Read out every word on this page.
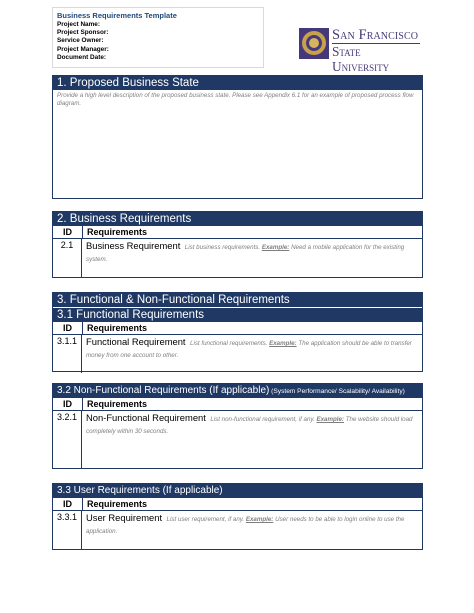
Business Requirements Template
Project Name:
Project Sponsor:
Service Owner:
Project Manager:
Document Date:
San Francisco
State University
1. Proposed Business State
Provide a high level description of the proposed business state. Please see Appendix 6.1 for an example of proposed process flow diagram.
2. Business Requirements
ID	Requirements
2.1	Business Requirement List business requirements. Example: Need a mobile application for the existing system.
3. Functional & Non-Functional Requirements
3.1 Functional Requirements
ID	Requirements
3.1.1 Functional Requirement List functional requirements. Example: The application should be able to transfer money from one account to other.
3.2 Non-Functional Requirements (If applicable) (System Performance/ Scalability/ Availability)
ID	Requirements
3.2.1 Non-Functional Requirement List non-functional requirement, if any. Example: The website should load completely within 30 seconds.
3.3 User Requirements (If applicable)
ID	Requirements
3.3.1 User Requirement List user requirement, if any. Example: User needs to be able to login online to use the application.
